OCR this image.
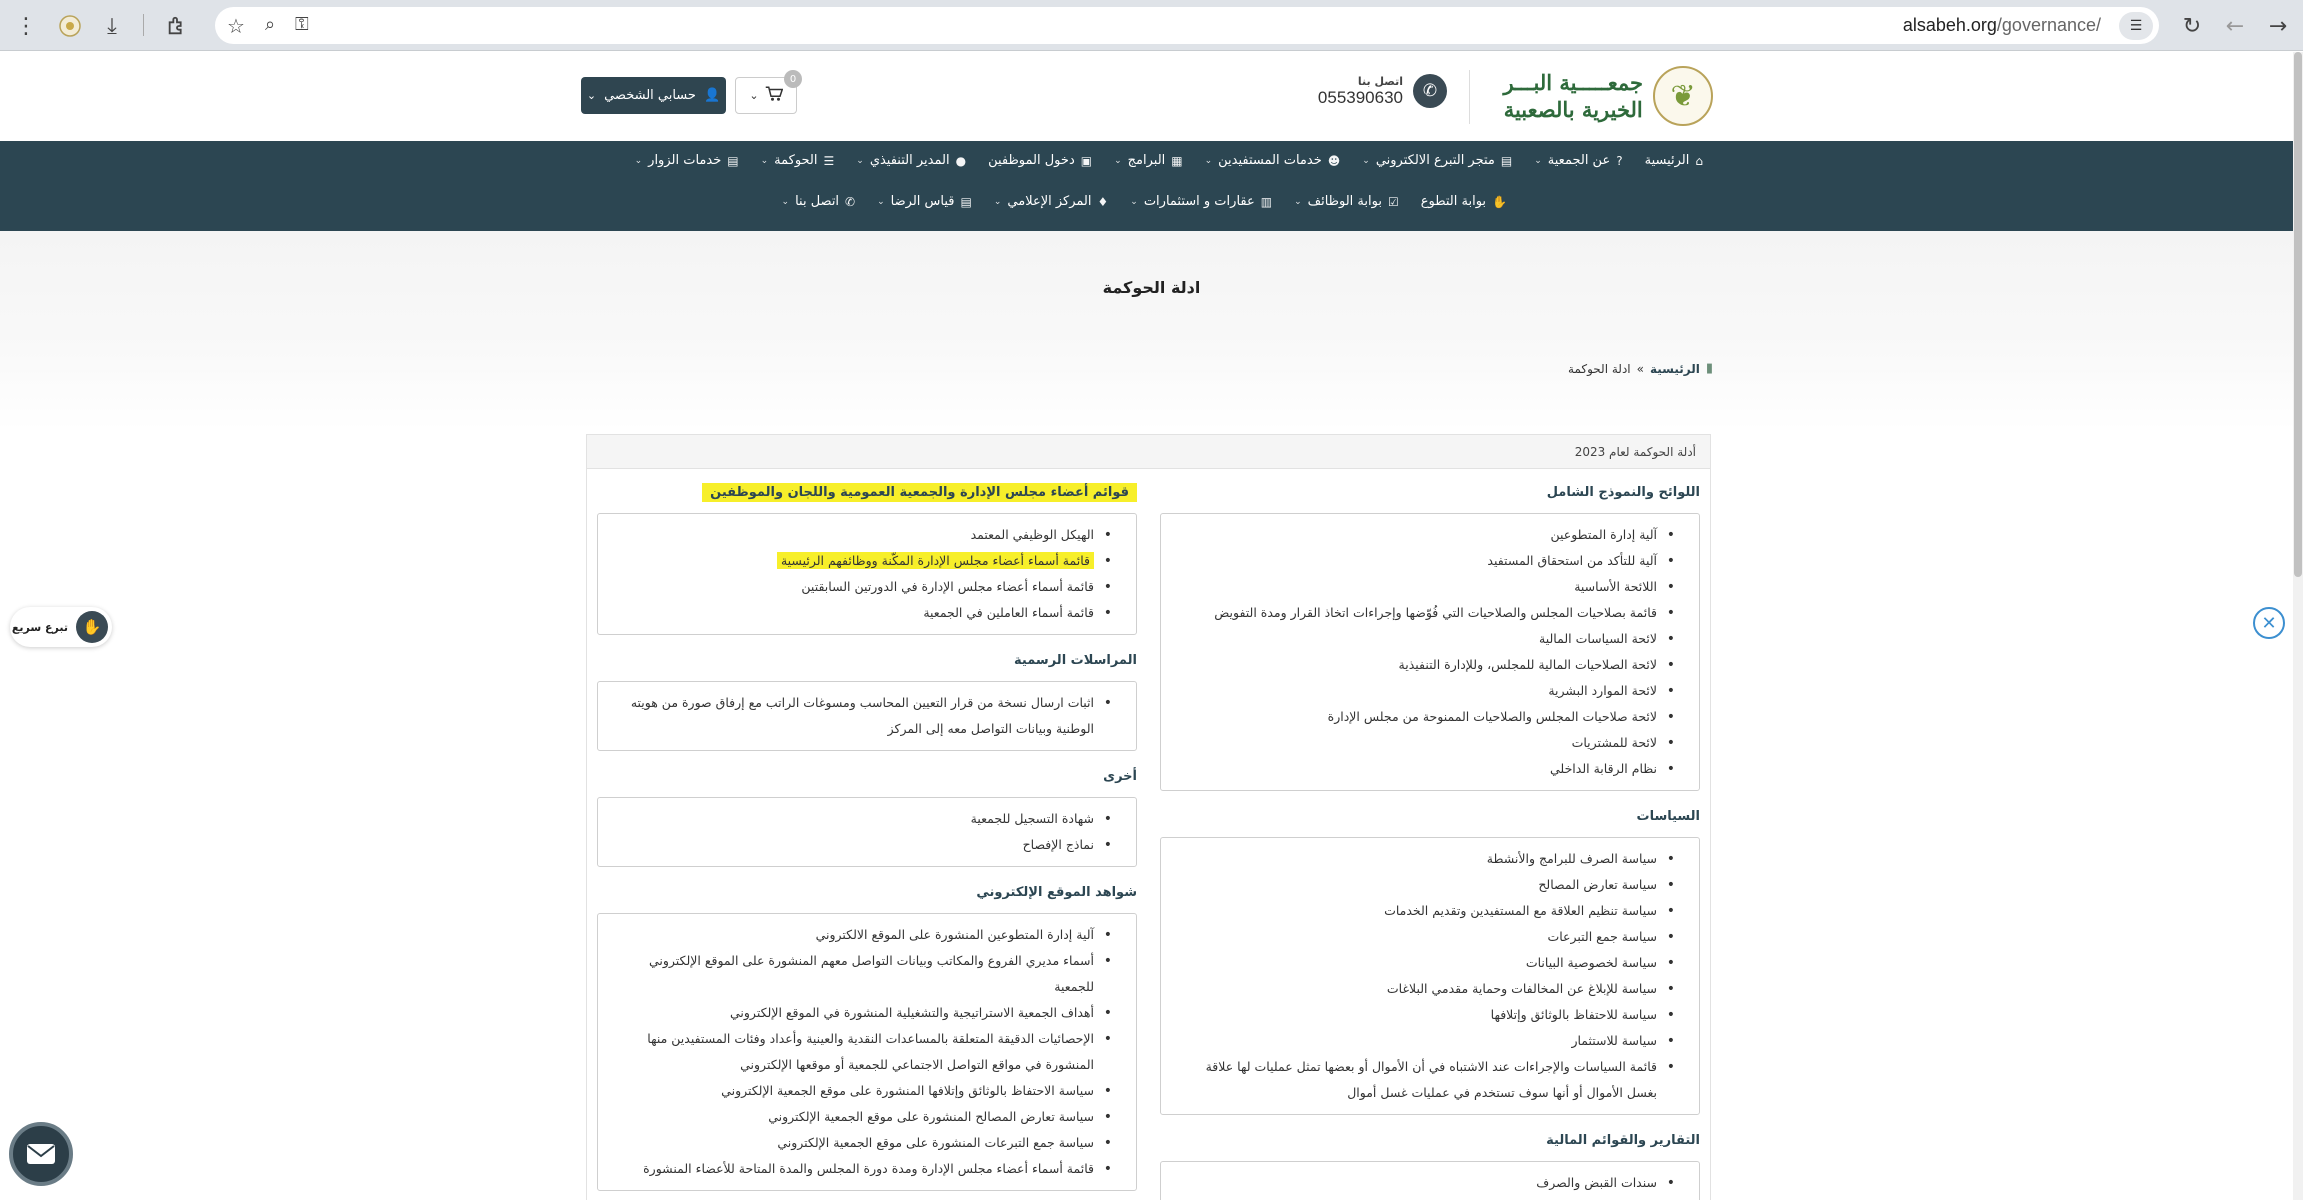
⋮	⤓	☆ ⌕ ⚿	alsabeh.org/governance/	☰	↻	←	→
❦
جمعـــــية البـــر
الخيرية بالصعبية
✆
اتصل بنا
055390630
⌄
0
👤
حسابي الشخصي
⌄
⌂
الرئيسية
?
عن الجمعية
⌄
▤
متجر التبرع الالكتروني
⌄
☻
خدمات المستفيدين
⌄
▦
البرامج
⌄
▣
دخول الموظفين
●
المدير التنفيذي
⌄
☰
الحوكمة
⌄
▤
خدمات الزوار
⌄
✋
بوابة التطوع
☑
بوابة الوظائف
⌄
▥
عقارات و استثمارات
⌄
♦
المركز الإعلامي
⌄
▤
قياس الرضا
⌄
✆
اتصل بنا
⌄
ادلة الحوكمة
▮
الرئيسية
»
ادلة الحوكمة
أدلة الحوكمة لعام 2023
اللوائح والنموذج الشامل
• آلية إدارة المتطوعين
• آلية للتأكد من استحقاق المستفيد
• اللائحة الأساسية
• قائمة بصلاحيات المجلس والصلاحيات التي فُوّضها وإجراءات اتخاذ القرار ومدة التفويض
• لائحة السياسات المالية
• لائحة الصلاحيات المالية للمجلس، وللإدارة التنفيذية
• لائحة الموارد البشرية
• لائحة صلاحيات المجلس والصلاحيات الممنوحة من مجلس الإدارة
• لائحة للمشتريات
• نظام الرقابة الداخلي
السياسات
• سياسة الصرف للبرامج والأنشطة
• سياسة تعارض المصالح
• سياسة تنظيم العلاقة مع المستفيدين وتقديم الخدمات
• سياسة جمع التبرعات
• سياسة لخصوصية البيانات
• سياسة للإبلاغ عن المخالفات وحماية مقدمي البلاغات
• سياسة للاحتفاظ بالوثائق وإتلافها
• سياسة للاستثمار
• قائمة السياسات والإجراءات عند الاشتباه في أن الأموال أو بعضها تمثل عمليات لها علاقة بغسل الأموال أو أنها سوف تستخدم في عمليات غسل أموال
التقارير والقوائم المالية
• سندات القبض والصرف
قوائم أعضاء مجلس الإدارة والجمعية العمومية واللجان والموظفين
• الهيكل الوظيفي المعتمد
• قائمة أسماء أعضاء مجلس الإدارة المكّنة ووظائفهم الرئيسية
• قائمة أسماء أعضاء مجلس الإدارة في الدورتين السابقتين
• قائمة أسماء العاملين في الجمعية
المراسلات الرسمية
• اثبات ارسال نسخة من قرار التعيين المحاسب ومسوغات الراتب مع إرفاق صورة من هويته الوطنية وبيانات التواصل معه إلى المركز
أخرى
• شهادة التسجيل للجمعية
• نماذج الإفصاح
شواهد الموقع الإلكتروني
• آلية إدارة المتطوعين المنشورة على الموقع الالكتروني
• أسماء مديري الفروع والمكاتب وبيانات التواصل معهم المنشورة على الموقع الإلكتروني للجمعية
• أهداف الجمعية الاستراتيجية والتشغيلية المنشورة في الموقع الإلكتروني
• الإحصائيات الدقيقة المتعلقة بالمساعدات النقدية والعينية وأعداد وفئات المستفيدين منها المنشورة في مواقع التواصل الاجتماعي للجمعية أو موقعها الإلكتروني
• سياسة الاحتفاظ بالوثائق وإتلافها المنشورة على موقع الجمعية الإلكتروني
• سياسة تعارض المصالح المنشورة على موقع الجمعية الإلكتروني
• سياسة جمع التبرعات المنشورة على موقع الجمعية الإلكتروني
• قائمة أسماء أعضاء مجلس الإدارة ومدة دورة المجلس والمدة المتاحة للأعضاء المنشورة
✋
تبرع سريع	✕
